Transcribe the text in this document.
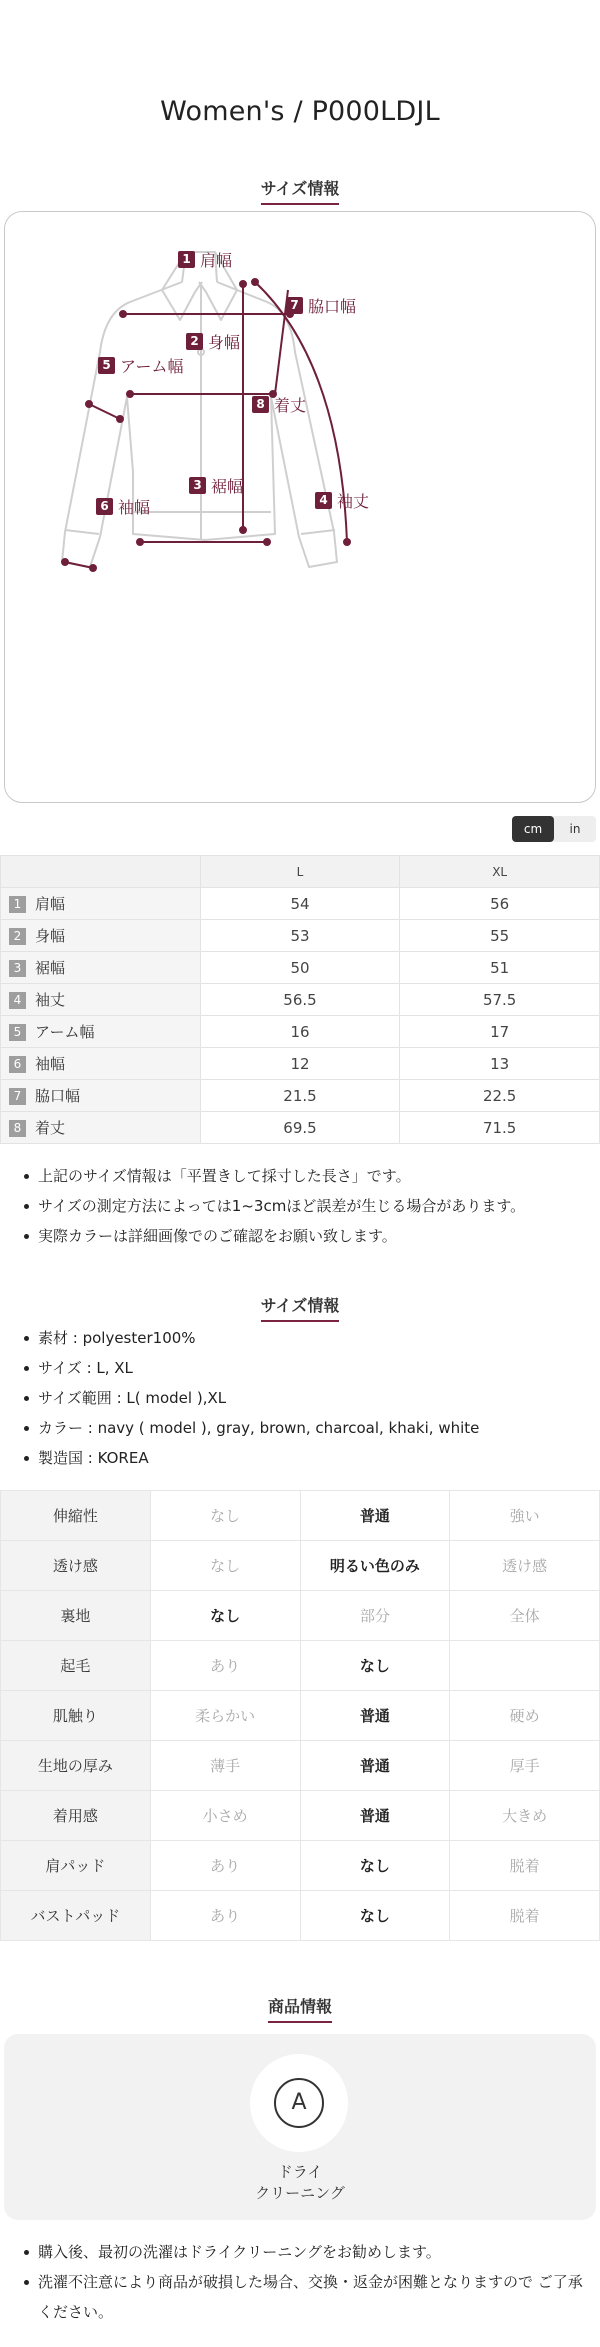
Women's / P000LDJL
サイズ情報
1 肩幅
2 身幅
3 裾幅
4 袖丈
5 アーム幅
6 袖幅
7 脇口幅
8 着丈
cm	in
	L	XL
1 肩幅	54	56
2 身幅	53	55
3 裾幅	50	51
4 袖丈	56.5	57.5
5 アーム幅	16	17
6 袖幅	12	13
7 脇口幅	21.5	22.5
8 着丈	69.5	71.5
上記のサイズ情報は「平置きして採寸した長さ」です。
サイズの測定方法によっては1~3cmほど誤差が生じる場合があります。
実際カラーは詳細画像でのご確認をお願い致します。
サイズ情報
素材 : polyester100%
サイズ : L, XL
サイズ範囲 : L( model ),XL
カラー : navy ( model ), gray, brown, charcoal, khaki, white
製造国 : KOREA
伸縮性	なし	普通	強い
透け感	なし	明るい色のみ	透け感
裏地	なし	部分	全体
起毛	あり	なし	
肌触り	柔らかい	普通	硬め
生地の厚み	薄手	普通	厚手
着用感	小さめ	普通	大きめ
肩パッド	あり	なし	脱着
バストパッド	あり	なし	脱着
商品情報
A
ドライ
クリーニング
購入後、最初の洗濯はドライクリーニングをお勧めします。
洗濯不注意により商品が破損した場合、交換・返金が困難となりますので ご了承ください。
